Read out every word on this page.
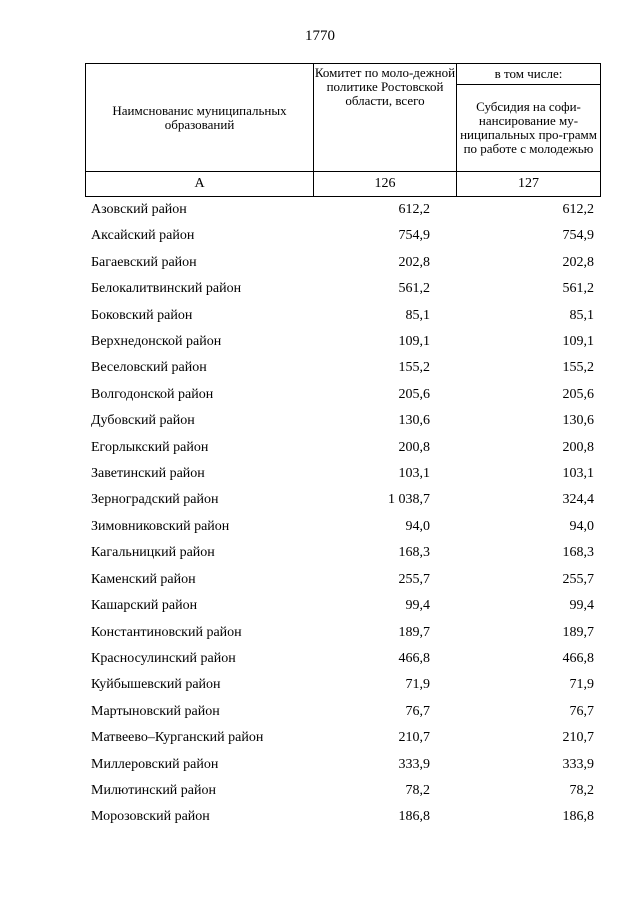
1770
Наимснованис муниципальных образований	Комитет по моло-дежной политике Ростовской области, всего	в том числе:
		Субсидия на софи-нансирование му-ниципальных про-грамм по работе с молодежью
А	126	127
Азовский район	612,2	612,2
Аксайский район	754,9	754,9
Багаевский район	202,8	202,8
Белокалитвинский район	561,2	561,2
Боковский район	85,1	85,1
Верхнедонской район	109,1	109,1
Веселовский район	155,2	155,2
Волгодонской район	205,6	205,6
Дубовский район	130,6	130,6
Егорлыкский район	200,8	200,8
Заветинский район	103,1	103,1
Зерноградский район	1 038,7	324,4
Зимовниковский район	94,0	94,0
Кагальницкий район	168,3	168,3
Каменский район	255,7	255,7
Кашарский район	99,4	99,4
Константиновский район	189,7	189,7
Красносулинский район	466,8	466,8
Куйбышевский район	71,9	71,9
Мартыновский район	76,7	76,7
Матвеево–Курганский район	210,7	210,7
Миллеровский район	333,9	333,9
Милютинский район	78,2	78,2
Морозовский район	186,8	186,8
